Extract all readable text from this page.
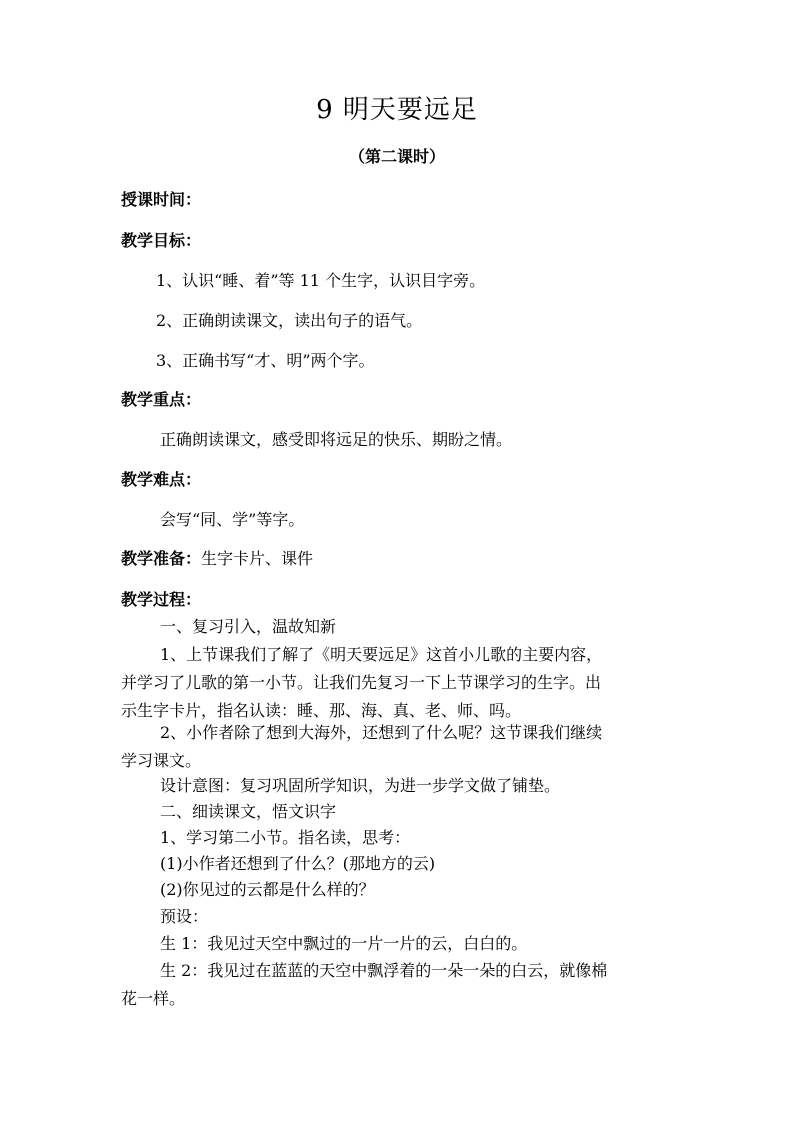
9 明天要远足
（第二课时）
授课时间：
教学目标：
1、认识“睡、着”等 11 个生字，认识目字旁。
2、正确朗读课文，读出句子的语气。
3、正确书写“才、明”两个字。
教学重点：
正确朗读课文，感受即将远足的快乐、期盼之情。
教学难点：
会写“同、学”等字。
教学准备：生字卡片、课件
教学过程：
一、复习引入，温故知新
1、上节课我们了解了《明天要远足》这首小儿歌的主要内容，
并学习了儿歌的第一小节。让我们先复习一下上节课学习的生字。出
示生字卡片，指名认读：睡、那、海、真、老、师、吗。
2、小作者除了想到大海外，还想到了什么呢？这节课我们继续
学习课文。
设计意图：复习巩固所学知识，为进一步学文做了铺垫。
二、细读课文，悟文识字
1、学习第二小节。指名读，思考：
(1)小作者还想到了什么？(那地方的云)
(2)你见过的云都是什么样的？
预设：
生 1：我见过天空中飘过的一片一片的云，白白的。
生 2：我见过在蓝蓝的天空中飘浮着的一朵一朵的白云，就像棉
花一样。
